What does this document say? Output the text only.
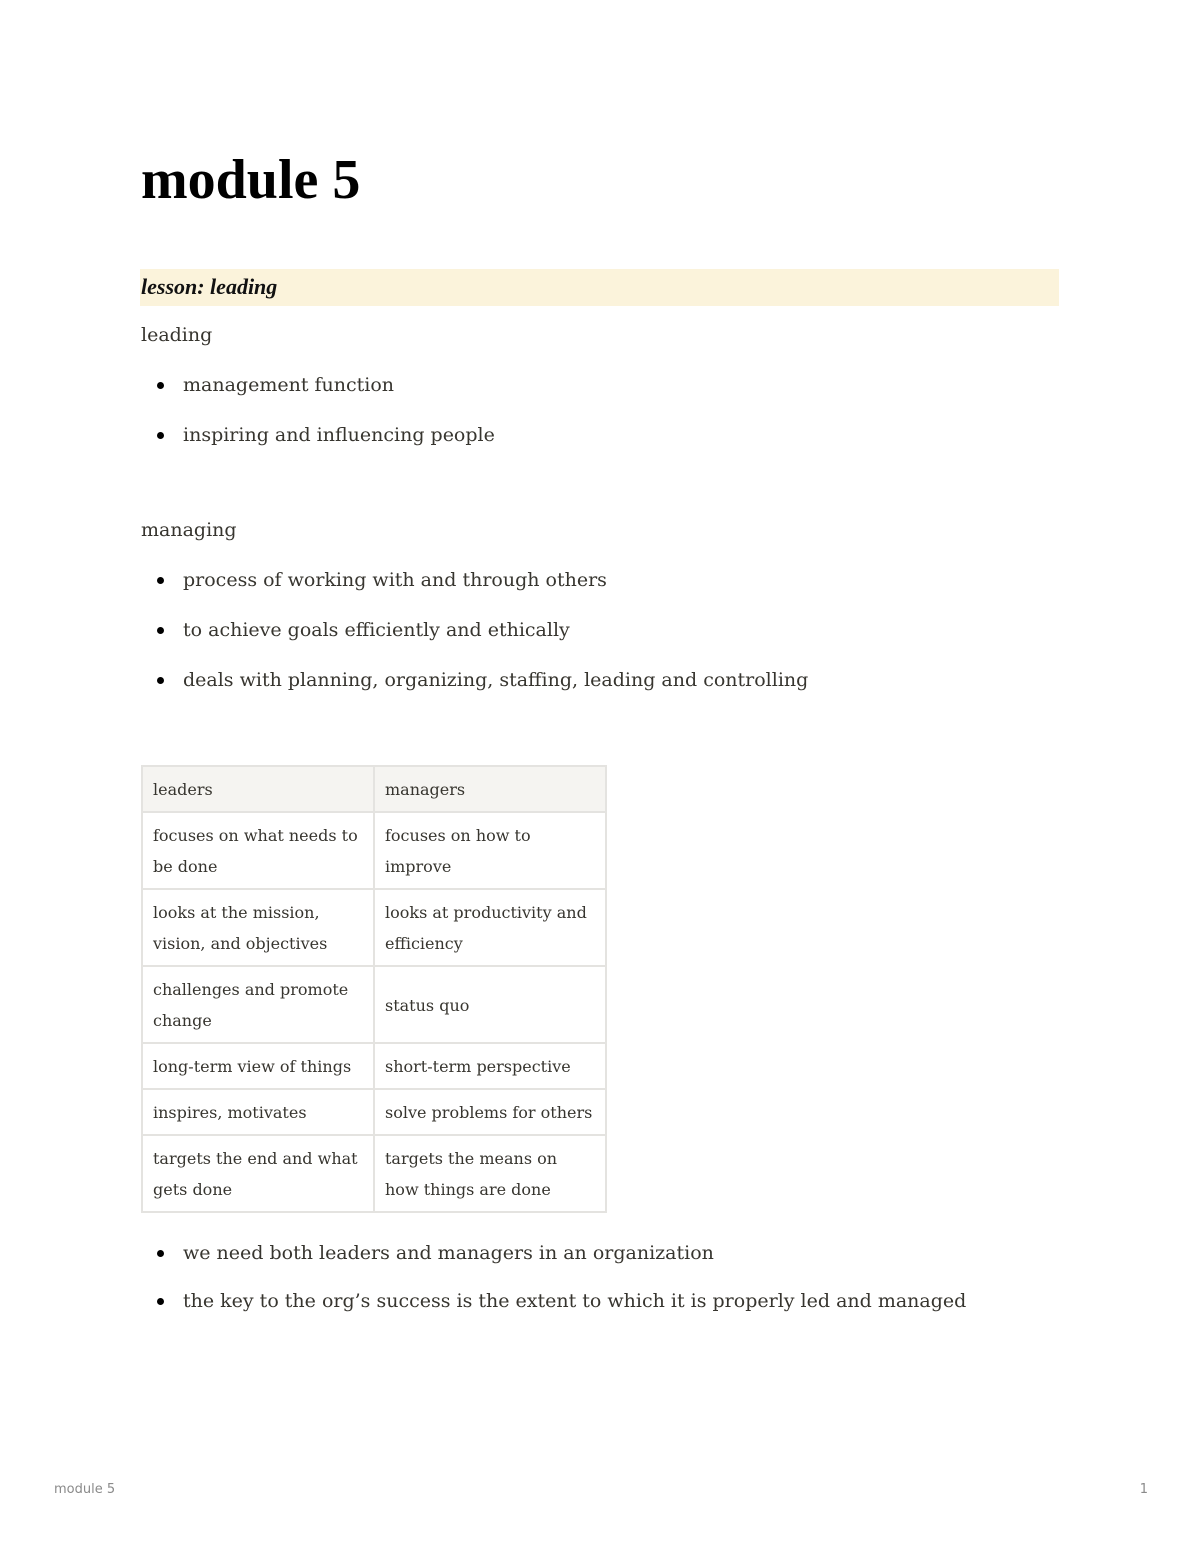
module 5
lesson: leading

leading

management function
inspiring and influencing people

managing

process of working with and through others
to achieve goals efficiently and ethically
deals with planning, organizing, staffing, leading and controlling
leaders	managers
focuses on what needs to be done	focuses on how to improve
looks at the mission, vision, and objectives	looks at productivity and efficiency
challenges and promote change	status quo
long-term view of things	short-term perspective
inspires, motivates	solve problems for others
targets the end and what gets done	targets the means on how things are done
we need both leaders and managers in an organization
the key to the org’s success is the extent to which it is properly led and managed
module 5	1
